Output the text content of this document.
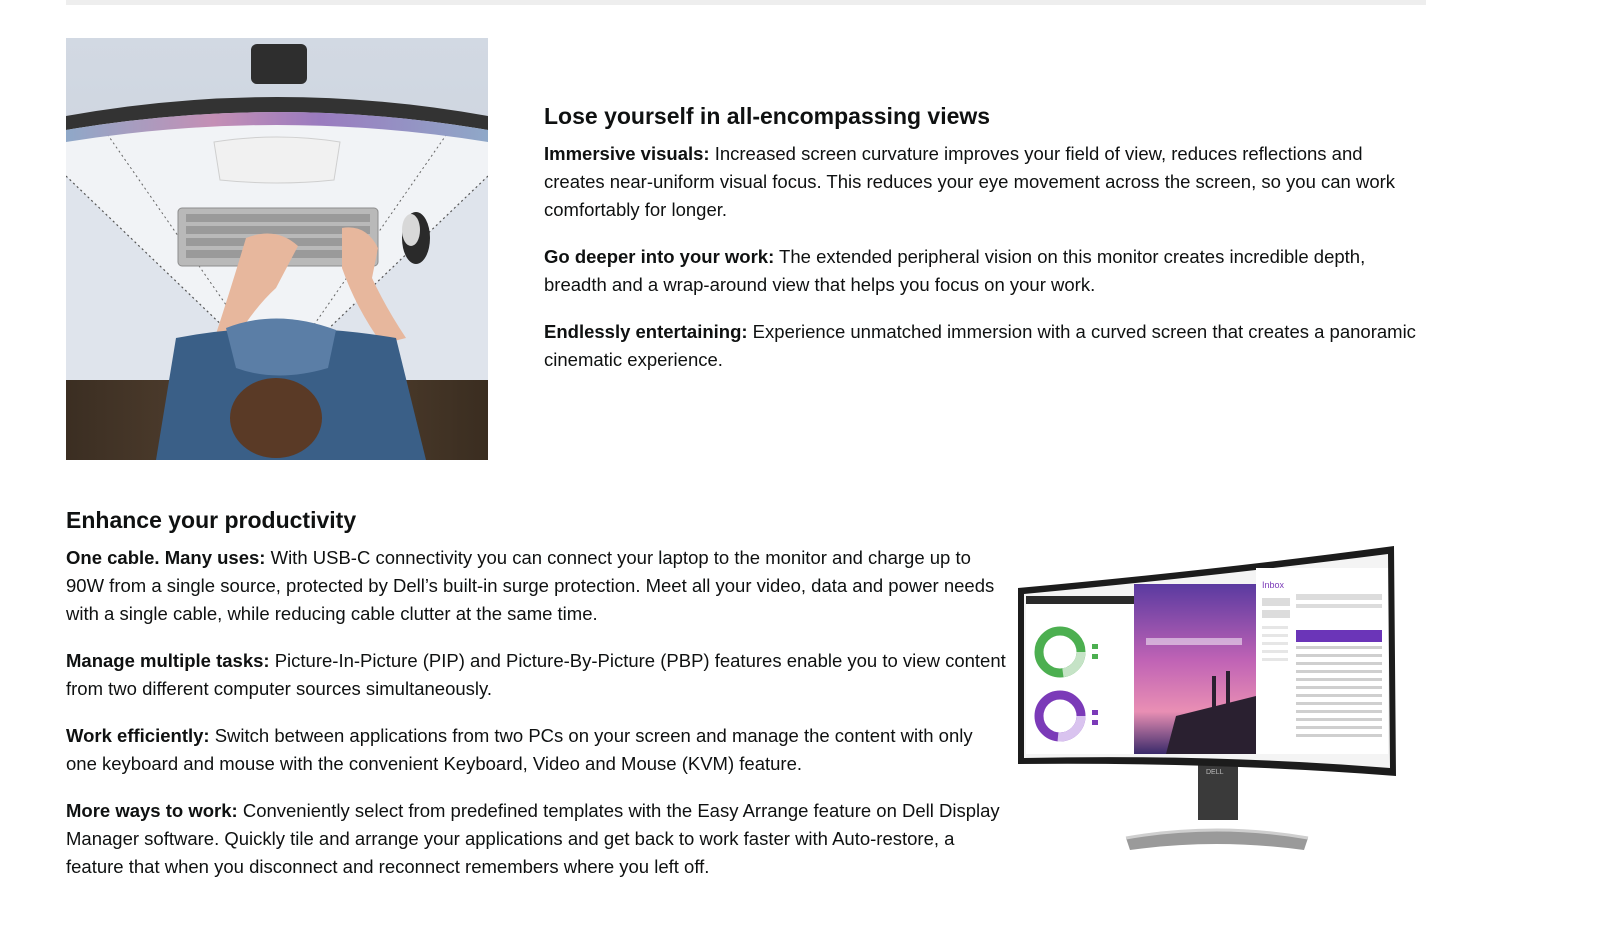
Lose yourself in all-encompassing views

Immersive visuals: Increased screen curvature improves your field of view, reduces reflections and creates near-uniform visual focus. This reduces your eye movement across the screen, so you can work comfortably for longer.

Go deeper into your work: The extended peripheral vision on this monitor creates incredible depth, breadth and a wrap-around view that helps you focus on your work.

Endlessly entertaining: Experience unmatched immersion with a curved screen that creates a panoramic cinematic experience.

Enhance your productivity

One cable. Many uses: With USB-C connectivity you can connect your laptop to the monitor and charge up to 90W from a single source, protected by Dell’s built-in surge protection. Meet all your video, data and power needs with a single cable, while reducing cable clutter at the same time.

Manage multiple tasks: Picture-In-Picture (PIP) and Picture-By-Picture (PBP) features enable you to view content from two different computer sources simultaneously.

Work efficiently: Switch between applications from two PCs on your screen and manage the content with only one keyboard and mouse with the convenient Keyboard, Video and Mouse (KVM) feature.

More ways to work: Conveniently select from predefined templates with the Easy Arrange feature on Dell Display Manager software. Quickly tile and arrange your applications and get back to work faster with Auto-restore, a feature that when you disconnect and reconnect remembers where you left off.

Inbox
DELL
